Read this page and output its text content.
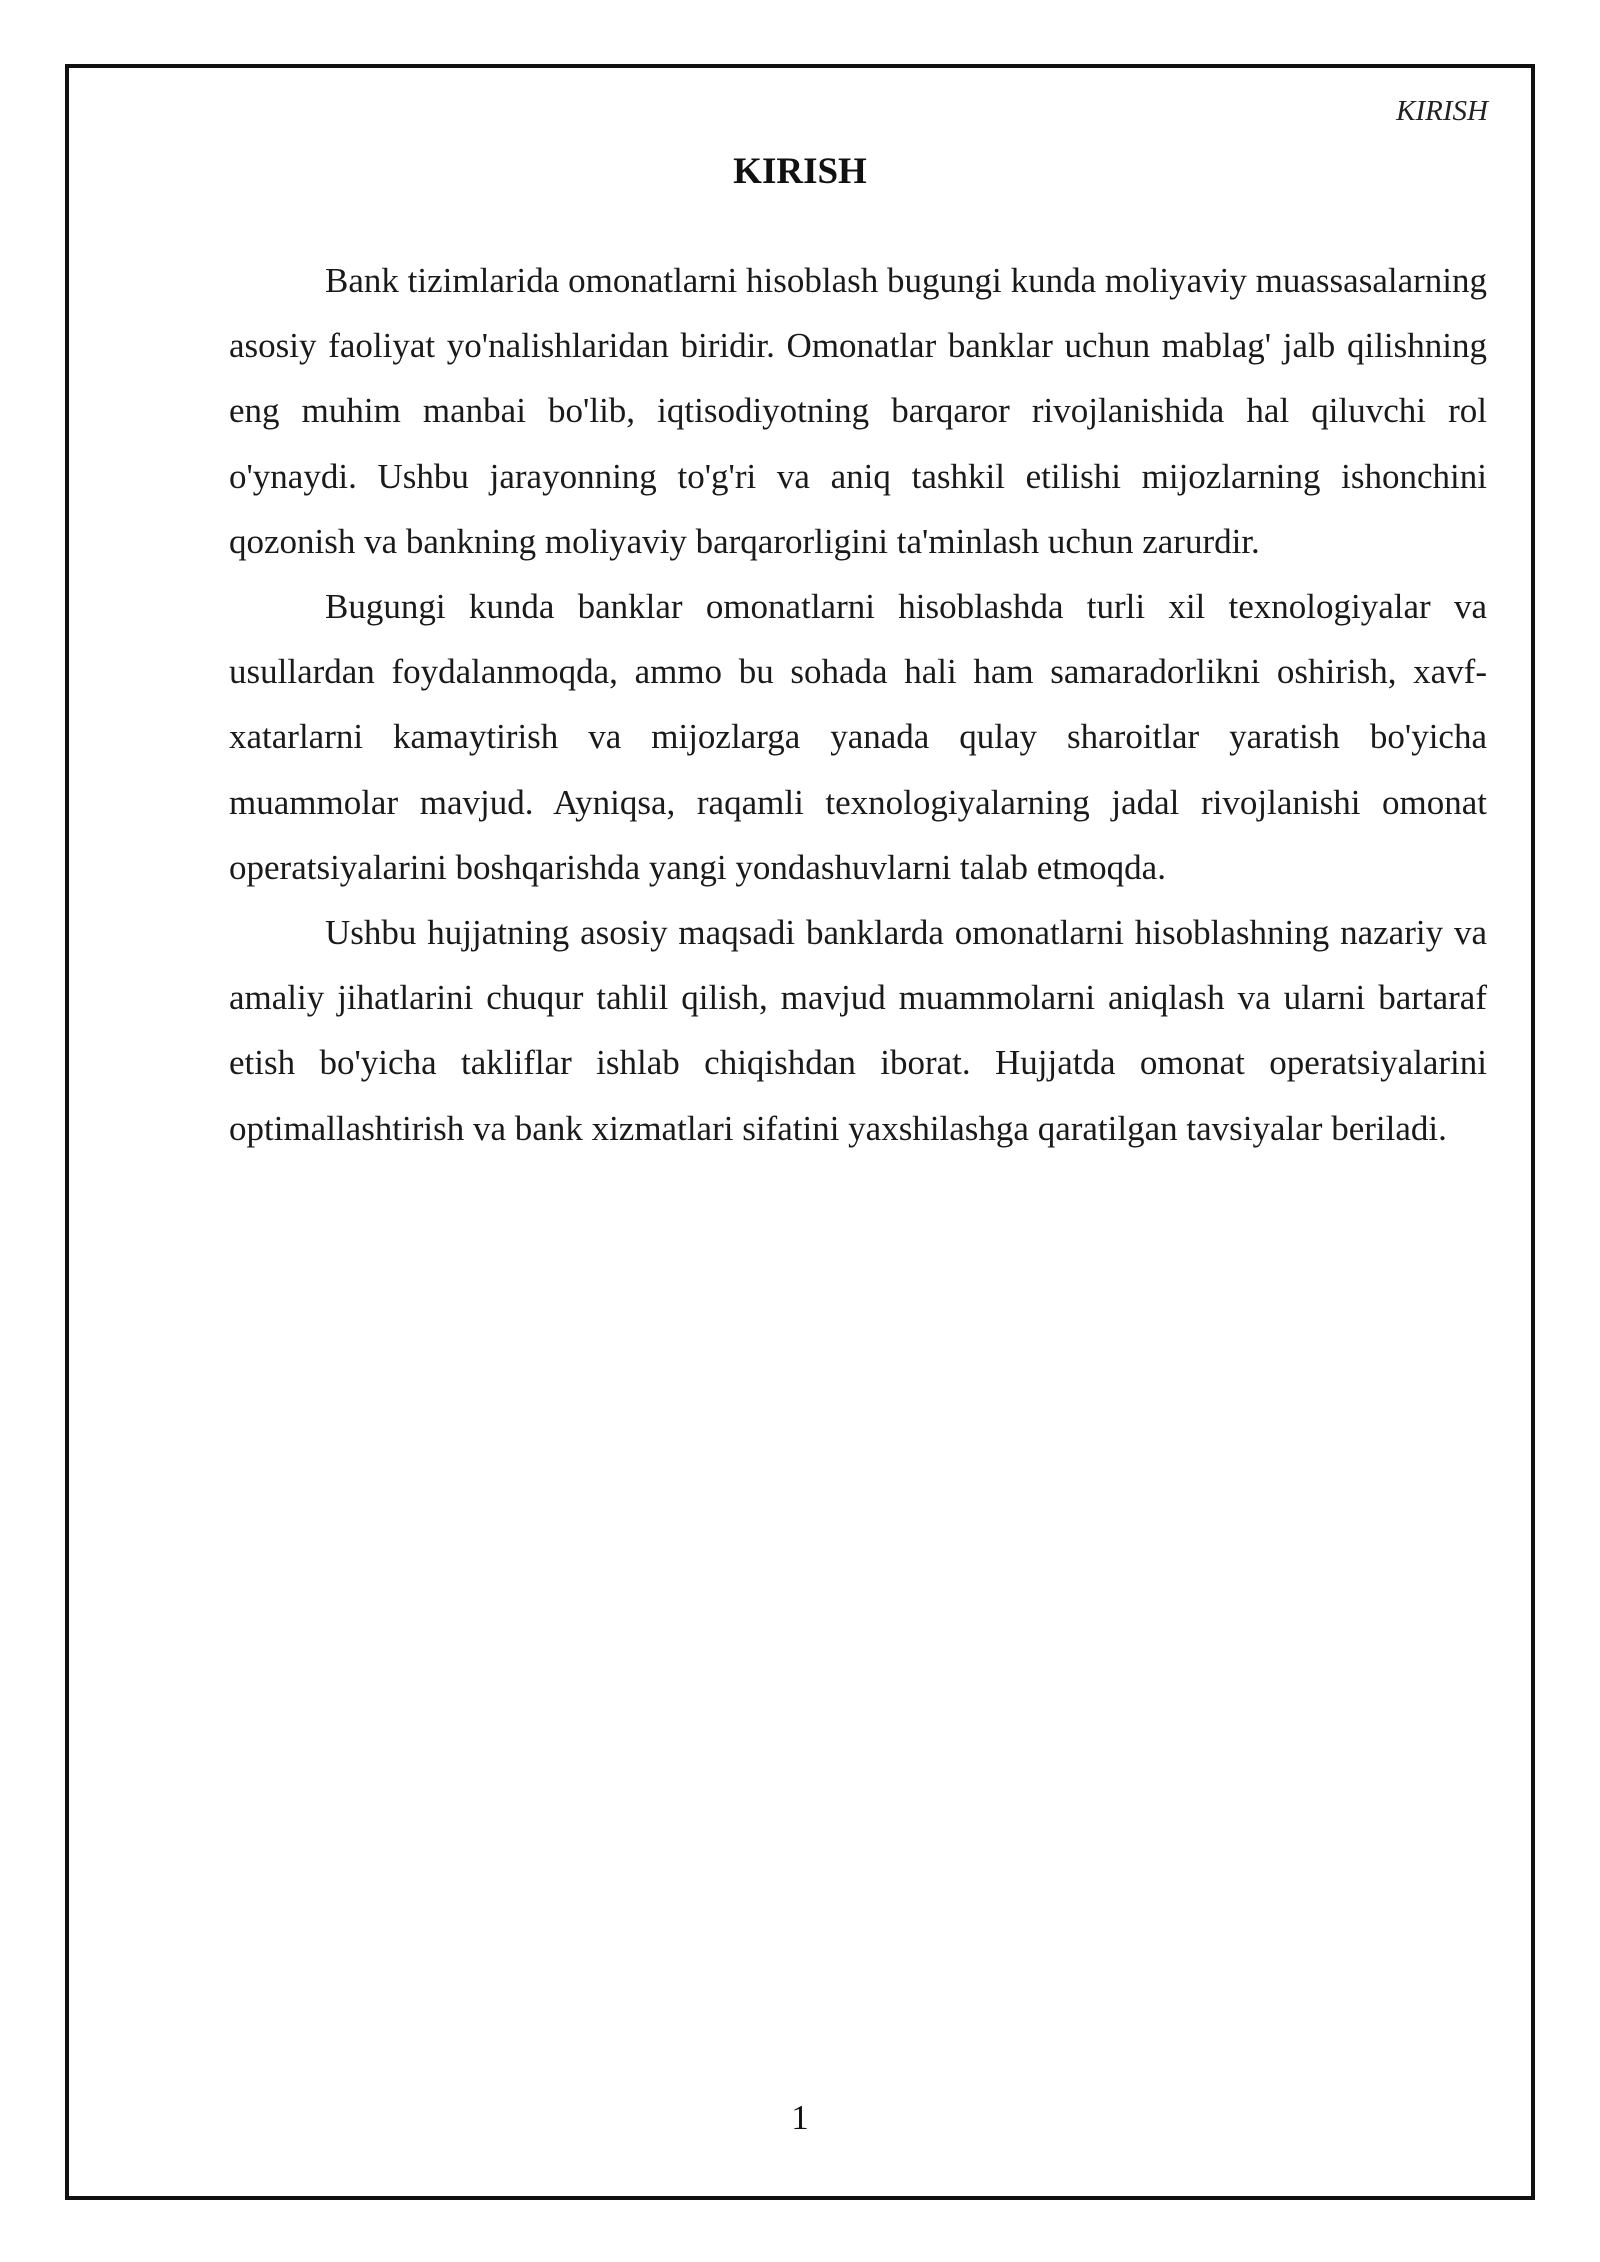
KIRISH
KIRISH

Bank tizimlarida omonatlarni hisoblash bugungi kunda moliyaviy muassasalarning asosiy faoliyat yo'nalishlaridan biridir. Omonatlar banklar uchun mablag' jalb qilishning eng muhim manbai bo'lib, iqtisodiyotning barqaror rivojlanishida hal qiluvchi rol o'ynaydi. Ushbu jarayonning to'g'ri va aniq tashkil etilishi mijozlarning ishonchini qozonish va bankning moliyaviy barqarorligini ta'minlash uchun zarurdir.

Bugungi kunda banklar omonatlarni hisoblashda turli xil texnologiyalar va usullardan foydalanmoqda, ammo bu sohada hali ham samaradorlikni oshirish, xavf-xatarlarni kamaytirish va mijozlarga yanada qulay sharoitlar yaratish bo'yicha muammolar mavjud. Ayniqsa, raqamli texnologiyalarning jadal rivojlanishi omonat operatsiyalarini boshqarishda yangi yondashuvlarni talab etmoqda.

Ushbu hujjatning asosiy maqsadi banklarda omonatlarni hisoblashning nazariy va amaliy jihatlarini chuqur tahlil qilish, mavjud muammolarni aniqlash va ularni bartaraf etish bo'yicha takliflar ishlab chiqishdan iborat. Hujjatda omonat operatsiyalarini optimallashtirish va bank xizmatlari sifatini yaxshilashga qaratilgan tavsiyalar beriladi.

1
